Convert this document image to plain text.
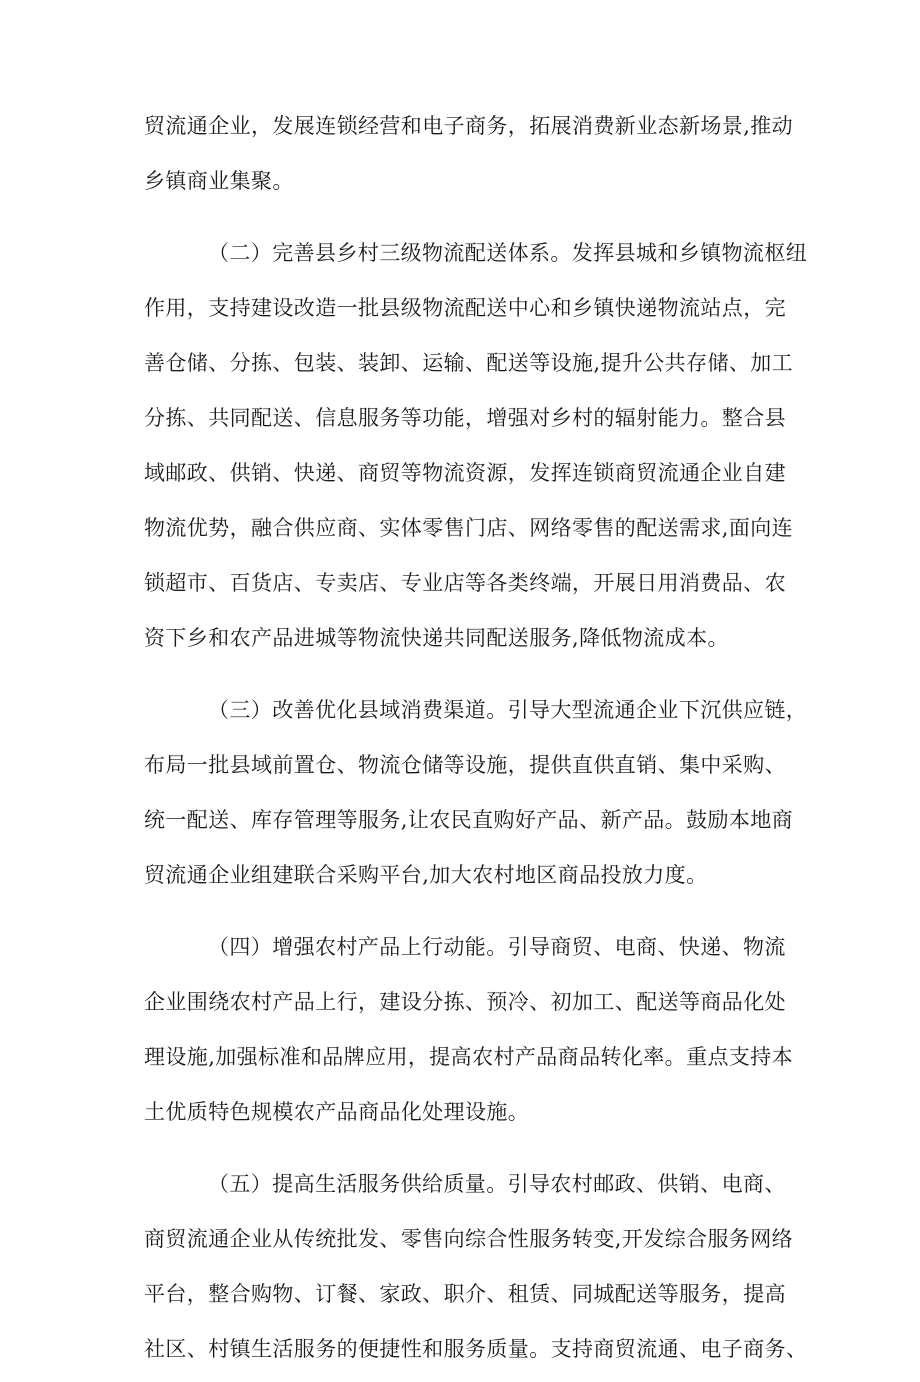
贸流通企业，发展连锁经营和电子商务，拓展消费新业态新场景,推动
乡镇商业集聚。
（二）完善县乡村三级物流配送体系。发挥县城和乡镇物流枢纽
作用，支持建设改造一批县级物流配送中心和乡镇快递物流站点，完
善仓储、分拣、包装、装卸、运输、配送等设施,提升公共存储、加工
分拣、共同配送、信息服务等功能，增强对乡村的辐射能力。整合县
域邮政、供销、快递、商贸等物流资源，发挥连锁商贸流通企业自建
物流优势，融合供应商、实体零售门店、网络零售的配送需求,面向连
锁超市、百货店、专卖店、专业店等各类终端，开展日用消费品、农
资下乡和农产品进城等物流快递共同配送服务,降低物流成本。
（三）改善优化县域消费渠道。引导大型流通企业下沉供应链，
布局一批县域前置仓、物流仓储等设施，提供直供直销、集中采购、
统一配送、库存管理等服务,让农民直购好产品、新产品。鼓励本地商
贸流通企业组建联合采购平台,加大农村地区商品投放力度。
（四）增强农村产品上行动能。引导商贸、电商、快递、物流
企业围绕农村产品上行，建设分拣、预冷、初加工、配送等商品化处
理设施,加强标准和品牌应用，提高农村产品商品转化率。重点支持本
土优质特色规模农产品商品化处理设施。
（五）提高生活服务供给质量。引导农村邮政、供销、电商、
商贸流通企业从传统批发、零售向综合性服务转变,开发综合服务网络
平台，整合购物、订餐、家政、职介、租赁、同城配送等服务，提高
社区、村镇生活服务的便捷性和服务质量。支持商贸流通、电子商务、
